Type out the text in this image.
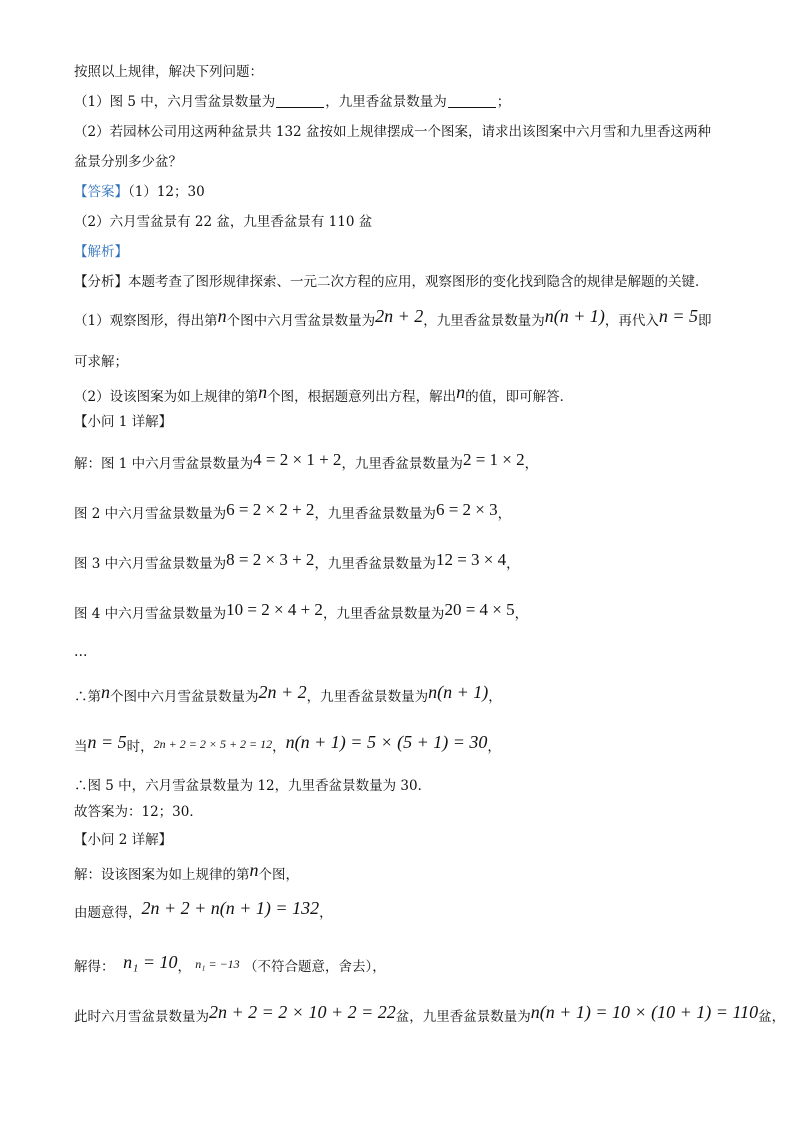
按照以上规律，解决下列问题：
（1）图 5 中，六月雪盆景数量为	，九里香盆景数量为	；
（2）若园林公司用这两种盆景共 132 盆按如上规律摆成一个图案，请求出该图案中六月雪和九里香这两种
盆景分别多少盆？
【答案】（1）12；30
（2）六月雪盆景有 22 盆，九里香盆景有 110 盆
【解析】
【分析】本题考查了图形规律探索、一元二次方程的应用，观察图形的变化找到隐含的规律是解题的关键．
（1）观察图形，得出第n个图中六月雪盆景数量为2n + 2，九里香盆景数量为n(n + 1)，再代入n = 5即
可求解；
（2）设该图案为如上规律的第n个图，根据题意列出方程，解出n的值，即可解答．
【小问 1 详解】
解：图 1 中六月雪盆景数量为4 = 2 × 1 + 2，九里香盆景数量为2 = 1 × 2，
图 2 中六月雪盆景数量为6 = 2 × 2 + 2，九里香盆景数量为6 = 2 × 3，
图 3 中六月雪盆景数量为8 = 2 × 3 + 2，九里香盆景数量为12 = 3 × 4，
图 4 中六月雪盆景数量为10 = 2 × 4 + 2，九里香盆景数量为20 = 4 × 5，
…
∴第n个图中六月雪盆景数量为2n + 2，九里香盆景数量为n(n + 1)，
当n = 5时，2n + 2 = 2 × 5 + 2 = 12，n(n + 1) = 5 × (5 + 1) = 30，
∴图 5 中，六月雪盆景数量为 12，九里香盆景数量为 30．
故答案为：12；30．
【小问 2 详解】
解：设该图案为如上规律的第n个图，
由题意得，2n + 2 + n(n + 1) = 132，
解得： n₁ = 10， n₁ = −13 （不符合题意，舍去），
此时六月雪盆景数量为2n + 2 = 2 × 10 + 2 = 22盆，九里香盆景数量为n(n + 1) = 10 × (10 + 1) = 110盆，
